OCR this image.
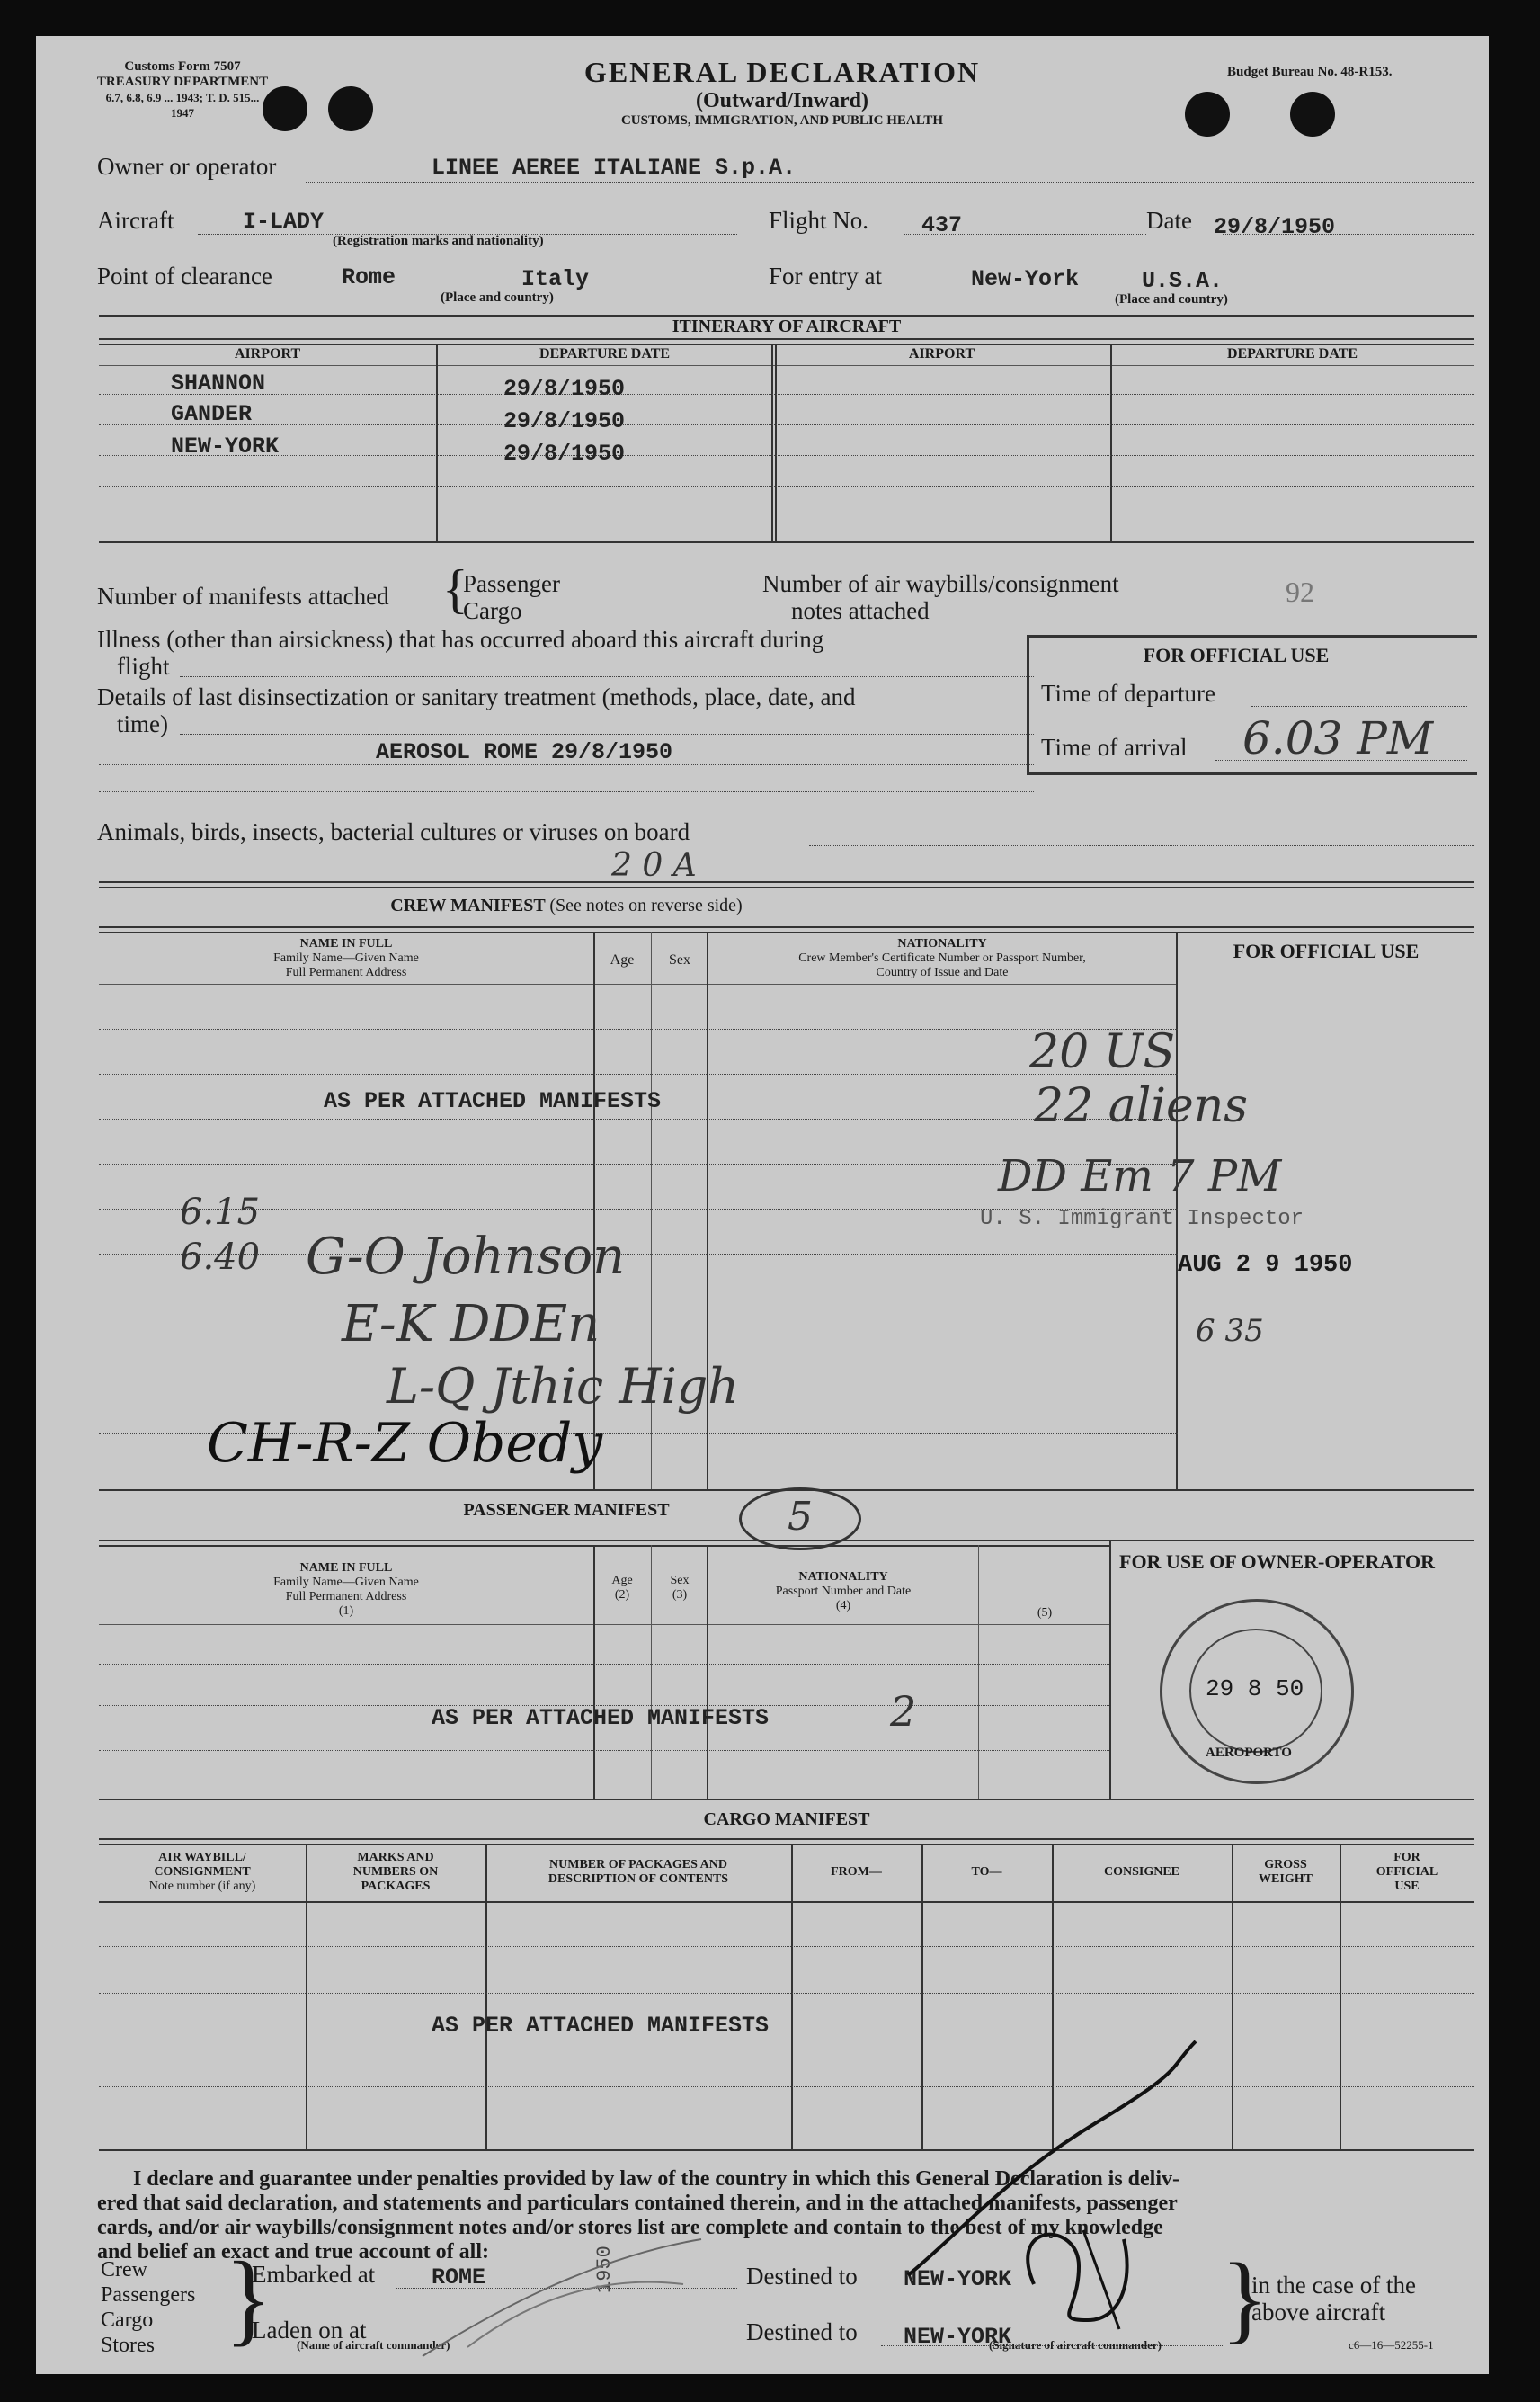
Customs Form 7507
TREASURY DEPARTMENT
6.7, 6.8, 6.9 ... 1943; T. D. 515...
1947
GENERAL DECLARATION
(Outward/Inward)
CUSTOMS, IMMIGRATION, AND PUBLIC HEALTH
Budget Bureau No. 48-R153.
Owner or operator	LINEE AEREE ITALIANE S.p.A.
Aircraft	I-LADY
(Registration marks and nationality)
Flight No. 437	Date 29/8/1950
Point of clearance	Rome	Italy
(Place and country)
For entry at	New-York	U.S.A.
(Place and country)
ITINERARY OF AIRCRAFT
AIRPORT	DEPARTURE DATE	AIRPORT	DEPARTURE DATE
SHANNON	29/8/1950
GANDER	29/8/1950
NEW-YORK	29/8/1950
Number of manifests attached {
Passenger
Cargo
Number of air waybills/consignment
notes attached
92
Illness (other than airsickness) that has occurred aboard this aircraft during
flight
Details of last disinsectization or sanitary treatment (methods, place, date, and
time)
AEROSOL ROME 29/8/1950
FOR OFFICIAL USE
Time of departure
Time of arrival 6.03 PM
Animals, birds, insects, bacterial cultures or viruses on board
2 0 A
CREW MANIFEST (See notes on reverse side)
NAME IN FULL
Family Name—Given Name
Full Permanent Address
Age	Sex
NATIONALITY
Crew Member's Certificate Number or Passport Number,
Country of Issue and Date
FOR OFFICIAL USE
AS PER ATTACHED MANIFESTS
20 US
22 aliens
DD Em 7 PM
U. S. Immigrant Inspector
AUG 2 9 1950
6 35
6.15
6.40 G-O Johnson
E-K DDEn
L-Q Jthic High
CH-R-Z Obedy
PASSENGER MANIFEST	5
NAME IN FULL
Family Name—Given Name
Full Permanent Address
(1)
Age
(2)
Sex
(3)
NATIONALITY
Passport Number and Date
(4)
(5)
FOR USE OF OWNER-OPERATOR
AS PER ATTACHED MANIFESTS	2	29 8 50
AEROPORTO
CARGO MANIFEST
AIR WAYBILL/
CONSIGNMENT
Note number (if any)
MARKS AND
NUMBERS ON
PACKAGES
NUMBER OF PACKAGES AND
DESCRIPTION OF CONTENTS
FROM—	TO—	CONSIGNEE
GROSS
WEIGHT
FOR
OFFICIAL
USE
AS PER ATTACHED MANIFESTS
I declare and guarantee under penalties provided by law of the country in which this General Declaration is deliv-
ered that said declaration, and statements and particulars contained therein, and in the attached manifests, passenger
cards, and/or air waybills/consignment notes and/or stores list are complete and contain to the best of my knowledge
and belief an exact and true account of all:
Crew
Passengers
Cargo
Stores }
Embarked at	ROME
Laden on at
Destined to NEW-YORK
Destined to NEW-YORK }
in the case of the
above aircraft
(Name of aircraft commander)	(Signature of aircraft commander)	c6—16—52255-1
1950
